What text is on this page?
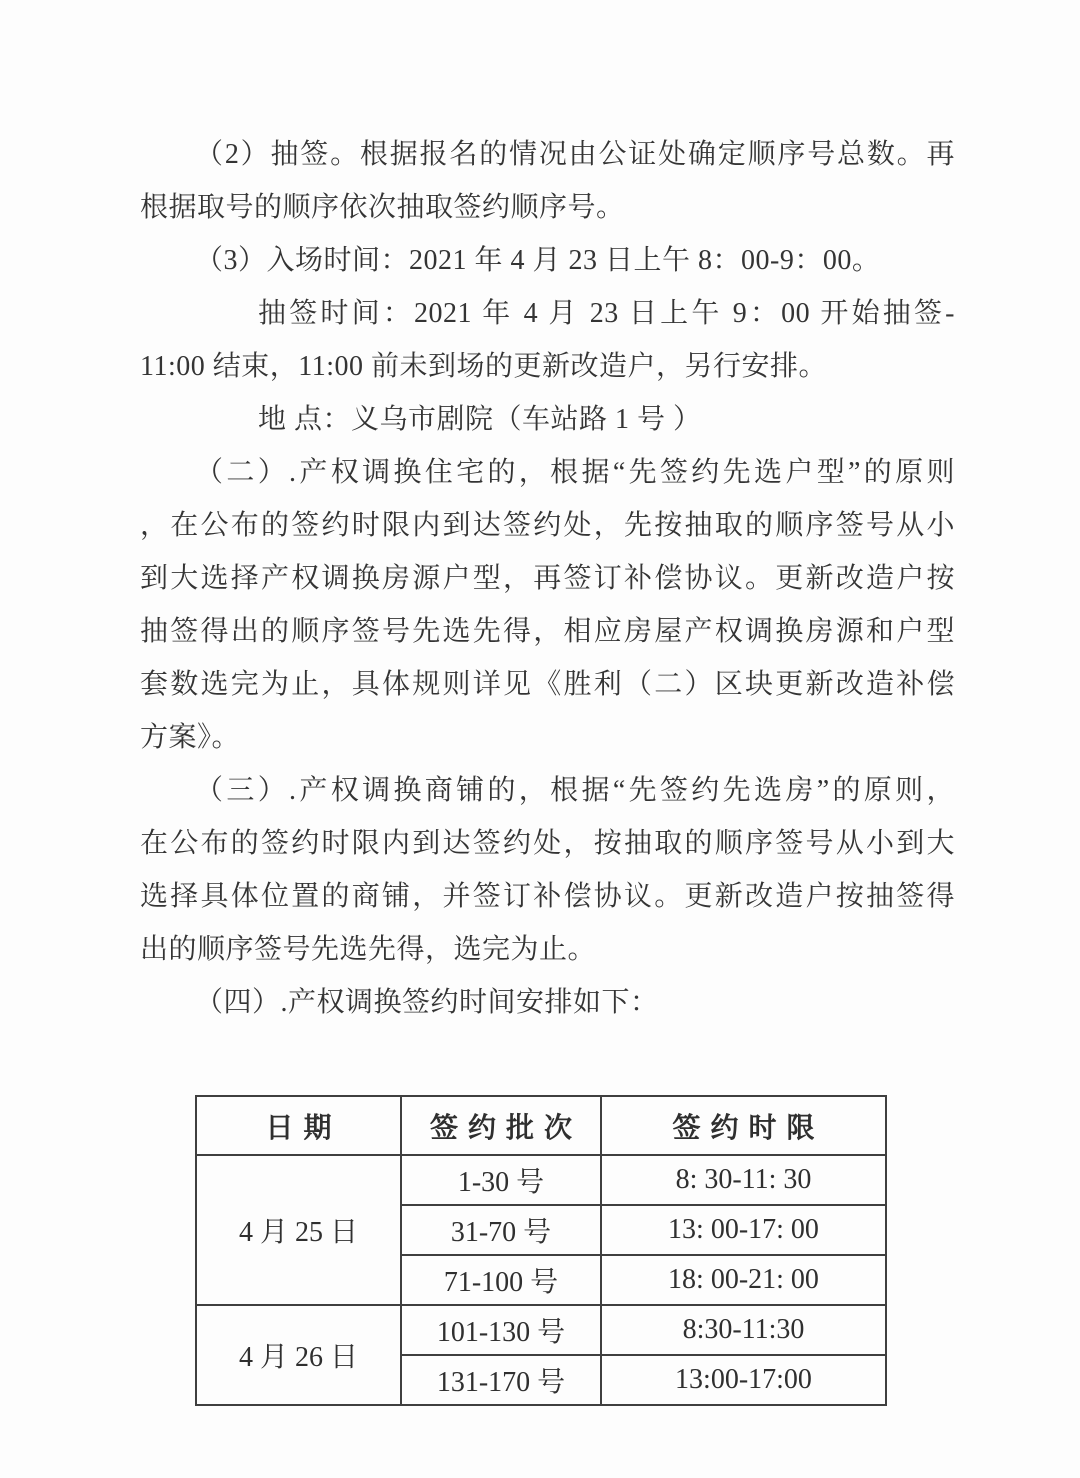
（2）抽签。根据报名的情况由公证处确定顺序号总数。再
根据取号的顺序依次抽取签约顺序号。
（3）入场时间：2021 年 4 月 23 日上午 8：00-9：00。
抽签时间：2021 年 4 月 23 日上午 9：00 开始抽签-
11:00 结束，11:00 前未到场的更新改造户，另行安排。
地 点：义乌市剧院（车站路 1 号 ）
（二）.产权调换住宅的，根据“先签约先选户型”的原则
，在公布的签约时限内到达签约处，先按抽取的顺序签号从小
到大选择产权调换房源户型，再签订补偿协议。更新改造户按
抽签得出的顺序签号先选先得，相应房屋产权调换房源和户型
套数选完为止，具体规则详见《胜利（二）区块更新改造补偿
方案》。
（三）.产权调换商铺的，根据“先签约先选房”的原则，
在公布的签约时限内到达签约处，按抽取的顺序签号从小到大
选择具体位置的商铺，并签订补偿协议。更新改造户按抽签得
出的顺序签号先选先得，选完为止。
（四）.产权调换签约时间安排如下：
日期	签约批次	签约时限
4 月 25 日	1-30 号	8: 30-11: 30
	31-70 号	13: 00-17: 00
	71-100 号	18: 00-21: 00
4 月 26 日	101-130 号	8:30-11:30
	131-170 号	13:00-17:00
